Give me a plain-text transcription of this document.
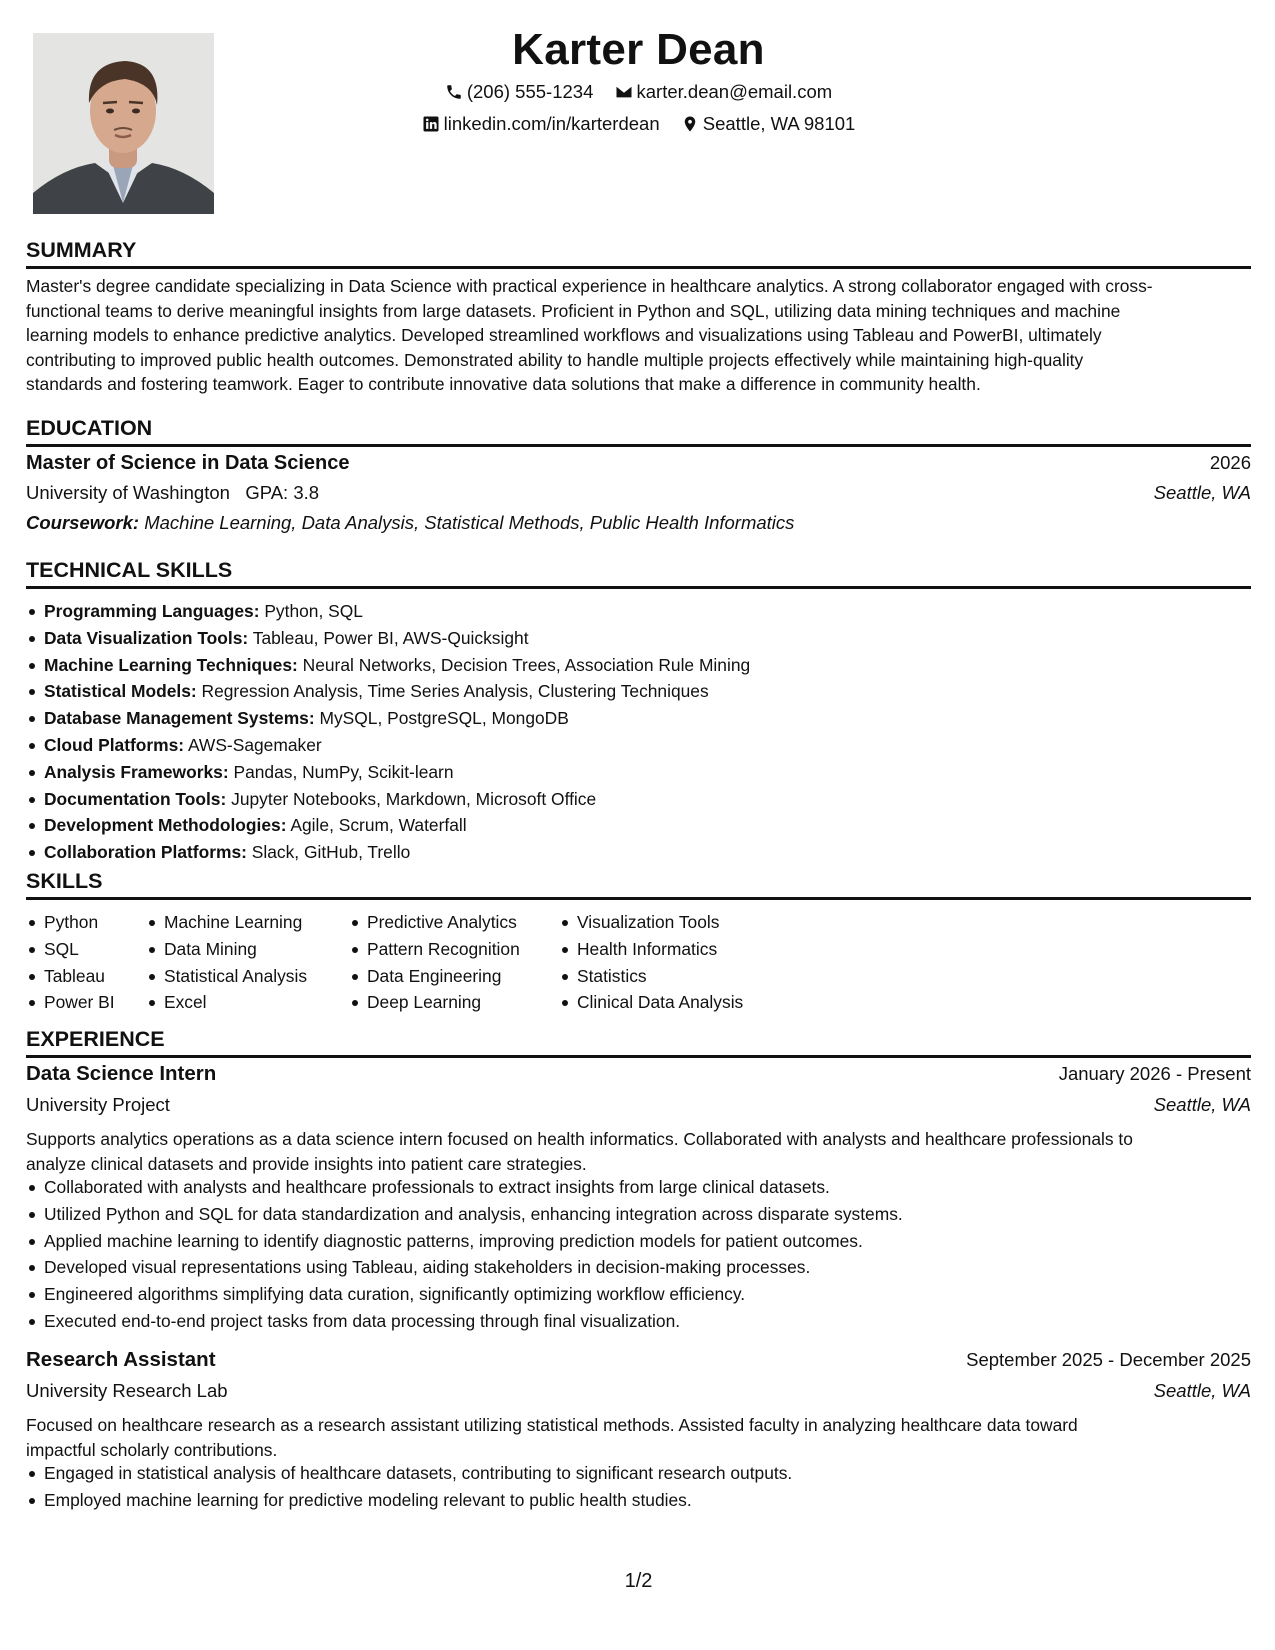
Karter Dean
(206) 555-1234
karter.dean@email.com
linkedin.com/in/karterdean
Seattle, WA 98101
SUMMARY
Master's degree candidate specializing in Data Science with practical experience in healthcare analytics. A strong collaborator engaged with cross-
functional teams to derive meaningful insights from large datasets. Proficient in Python and SQL, utilizing data mining techniques and machine
learning models to enhance predictive analytics. Developed streamlined workflows and visualizations using Tableau and PowerBI, ultimately
contributing to improved public health outcomes. Demonstrated ability to handle multiple projects effectively while maintaining high-quality
standards and fostering teamwork. Eager to contribute innovative data solutions that make a difference in community health.
EDUCATION
Master of Science in Data Science	2026
University of Washington GPA: 3.8	Seattle, WA
Coursework: Machine Learning, Data Analysis, Statistical Methods, Public Health Informatics
TECHNICAL SKILLS
Programming Languages: Python, SQL
Data Visualization Tools: Tableau, Power BI, AWS-Quicksight
Machine Learning Techniques: Neural Networks, Decision Trees, Association Rule Mining
Statistical Models: Regression Analysis, Time Series Analysis, Clustering Techniques
Database Management Systems: MySQL, PostgreSQL, MongoDB
Cloud Platforms: AWS-Sagemaker
Analysis Frameworks: Pandas, NumPy, Scikit-learn
Documentation Tools: Jupyter Notebooks, Markdown, Microsoft Office
Development Methodologies: Agile, Scrum, Waterfall
Collaboration Platforms: Slack, GitHub, Trello
SKILLS
Python
SQL
Tableau
Power BI
Machine Learning
Data Mining
Statistical Analysis
Excel
Predictive Analytics
Pattern Recognition
Data Engineering
Deep Learning
Visualization Tools
Health Informatics
Statistics
Clinical Data Analysis
EXPERIENCE
Data Science Intern	January 2026 - Present
University Project	Seattle, WA
Supports analytics operations as a data science intern focused on health informatics. Collaborated with analysts and healthcare professionals to
analyze clinical datasets and provide insights into patient care strategies.
Collaborated with analysts and healthcare professionals to extract insights from large clinical datasets.
Utilized Python and SQL for data standardization and analysis, enhancing integration across disparate systems.
Applied machine learning to identify diagnostic patterns, improving prediction models for patient outcomes.
Developed visual representations using Tableau, aiding stakeholders in decision-making processes.
Engineered algorithms simplifying data curation, significantly optimizing workflow efficiency.
Executed end-to-end project tasks from data processing through final visualization.
Research Assistant	September 2025 - December 2025
University Research Lab	Seattle, WA
Focused on healthcare research as a research assistant utilizing statistical methods. Assisted faculty in analyzing healthcare data toward
impactful scholarly contributions.
Engaged in statistical analysis of healthcare datasets, contributing to significant research outputs.
Employed machine learning for predictive modeling relevant to public health studies.
1/2
